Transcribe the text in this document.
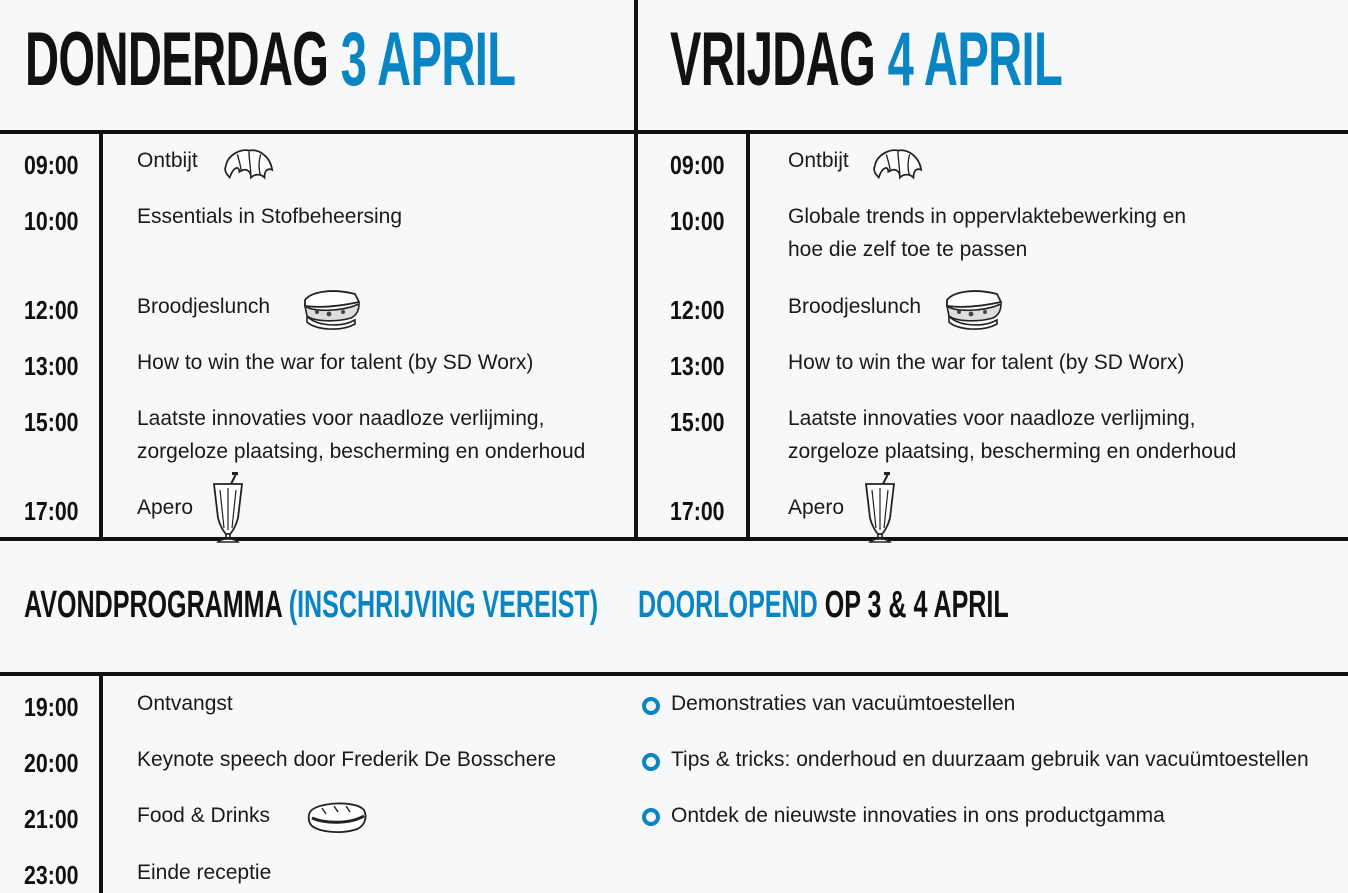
DONDERDAG 3 APRIL VRIJDAG 4 APRIL
09:00	Ontbijt
10:00	Essentials in Stofbeheersing
12:00	Broodjeslunch
13:00	How to win the war for talent (by SD Worx)
15:00	Laatste innovaties voor naadloze verlijming,
zorgeloze plaatsing, bescherming en onderhoud
17:00	Apero
09:00	Ontbijt
10:00	Globale trends in oppervlaktebewerking en
hoe die zelf toe te passen
12:00	Broodjeslunch
13:00	How to win the war for talent (by SD Worx)
15:00	Laatste innovaties voor naadloze verlijming,
zorgeloze plaatsing, bescherming en onderhoud
17:00	Apero
AVONDPROGRAMMA (INSCHRIJVING VEREIST) DOORLOPEND OP 3 & 4 APRIL
19:00	Ontvangst
20:00	Keynote speech door Frederik De Bosschere
21:00	Food & Drinks
23:00	Einde receptie
Demonstraties van vacuümtoestellen
Tips & tricks: onderhoud en duurzaam gebruik van vacuümtoestellen
Ontdek de nieuwste innovaties in ons productgamma
